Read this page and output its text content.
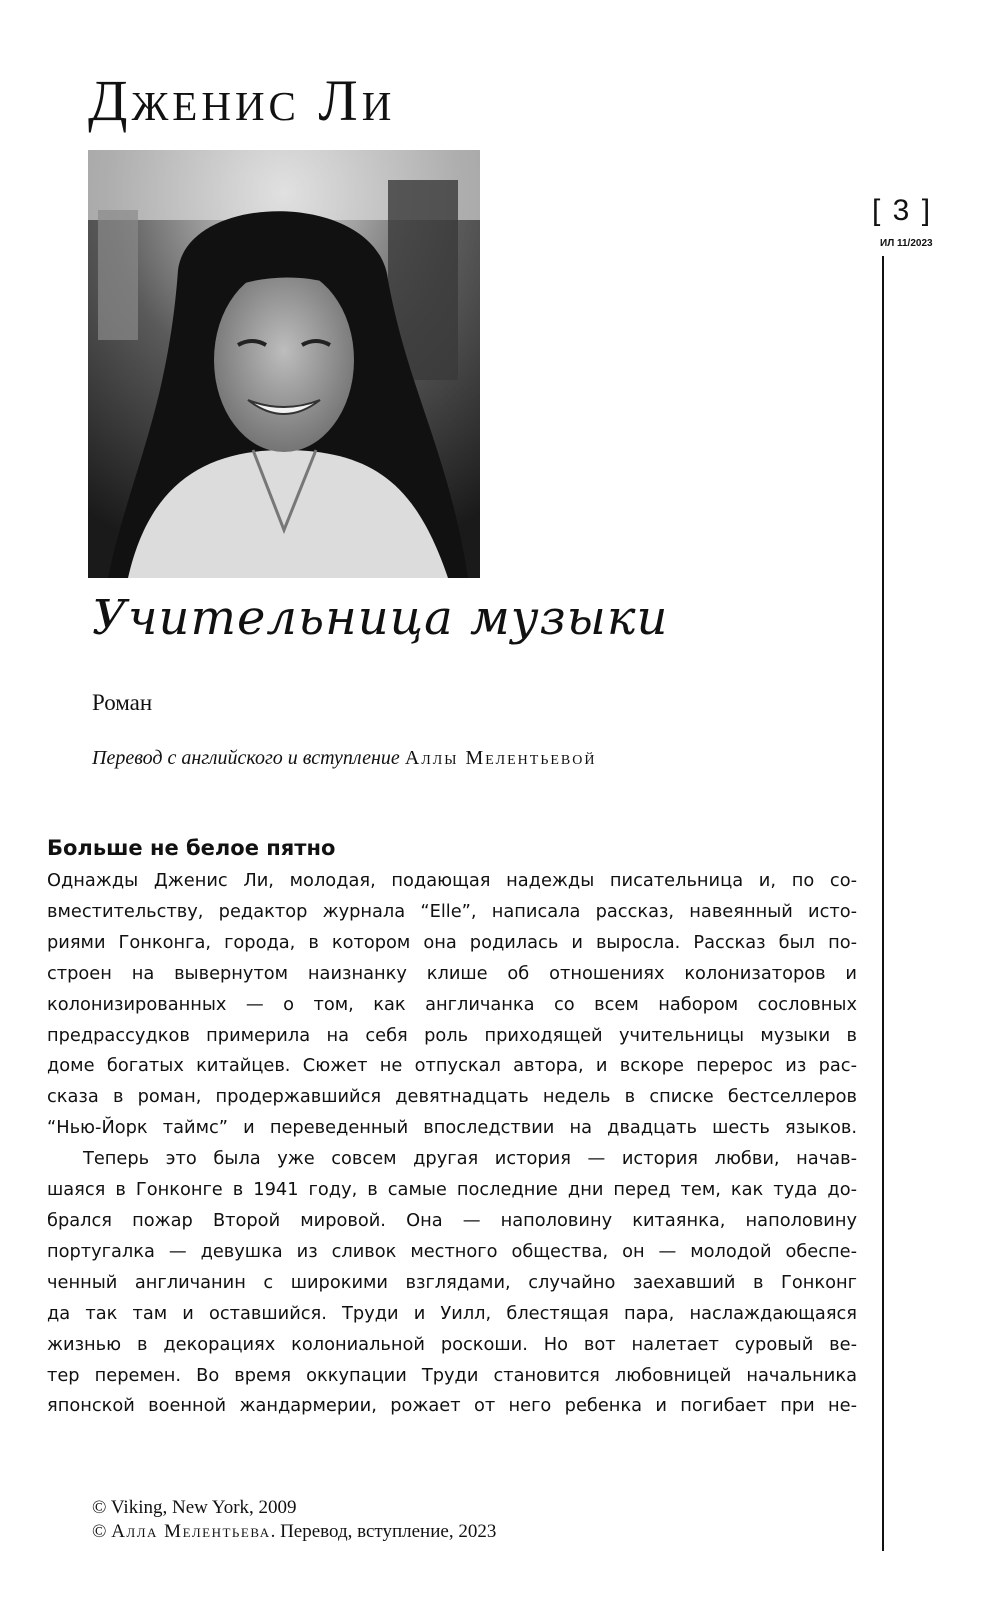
Дженис Ли
[ 3 ]
ИЛ 11/2023
Учительница музыки
Роман
Перевод с английского и вступление Аллы Мелентьевой
Больше не белое пятно
Однажды Дженис Ли, молодая, подающая надежды писательница и, по со-
вместительству, редактор журнала “Elle”, написала рассказ, навеянный исто-
риями Гонконга, города, в котором она родилась и выросла. Рассказ был по-
строен на вывернутом наизнанку клише об отношениях колонизаторов и
колонизированных — о том, как англичанка со всем набором сословных
предрассудков примерила на себя роль приходящей учительницы музыки в
доме богатых китайцев. Сюжет не отпускал автора, и вскоре перерос из рас-
сказа в роман, продержавшийся девятнадцать недель в списке бестселлеров
“Нью-Йорк таймс” и переведенный впоследствии на двадцать шесть языков.
Теперь это была уже совсем другая история — история любви, начав-
шаяся в Гонконге в 1941 году, в самые последние дни перед тем, как туда до-
брался пожар Второй мировой. Она — наполовину китаянка, наполовину
португалка — девушка из сливок местного общества, он — молодой обеспе-
ченный англичанин с широкими взглядами, случайно заехавший в Гонконг
да так там и оставшийся. Труди и Уилл, блестящая пара, наслаждающаяся
жизнью в декорациях колониальной роскоши. Но вот налетает суровый ве-
тер перемен. Во время оккупации Труди становится любовницей начальника
японской военной жандармерии, рожает от него ребенка и погибает при не-
© Viking, New York, 2009
© Алла Мелентьева. Перевод, вступление, 2023
